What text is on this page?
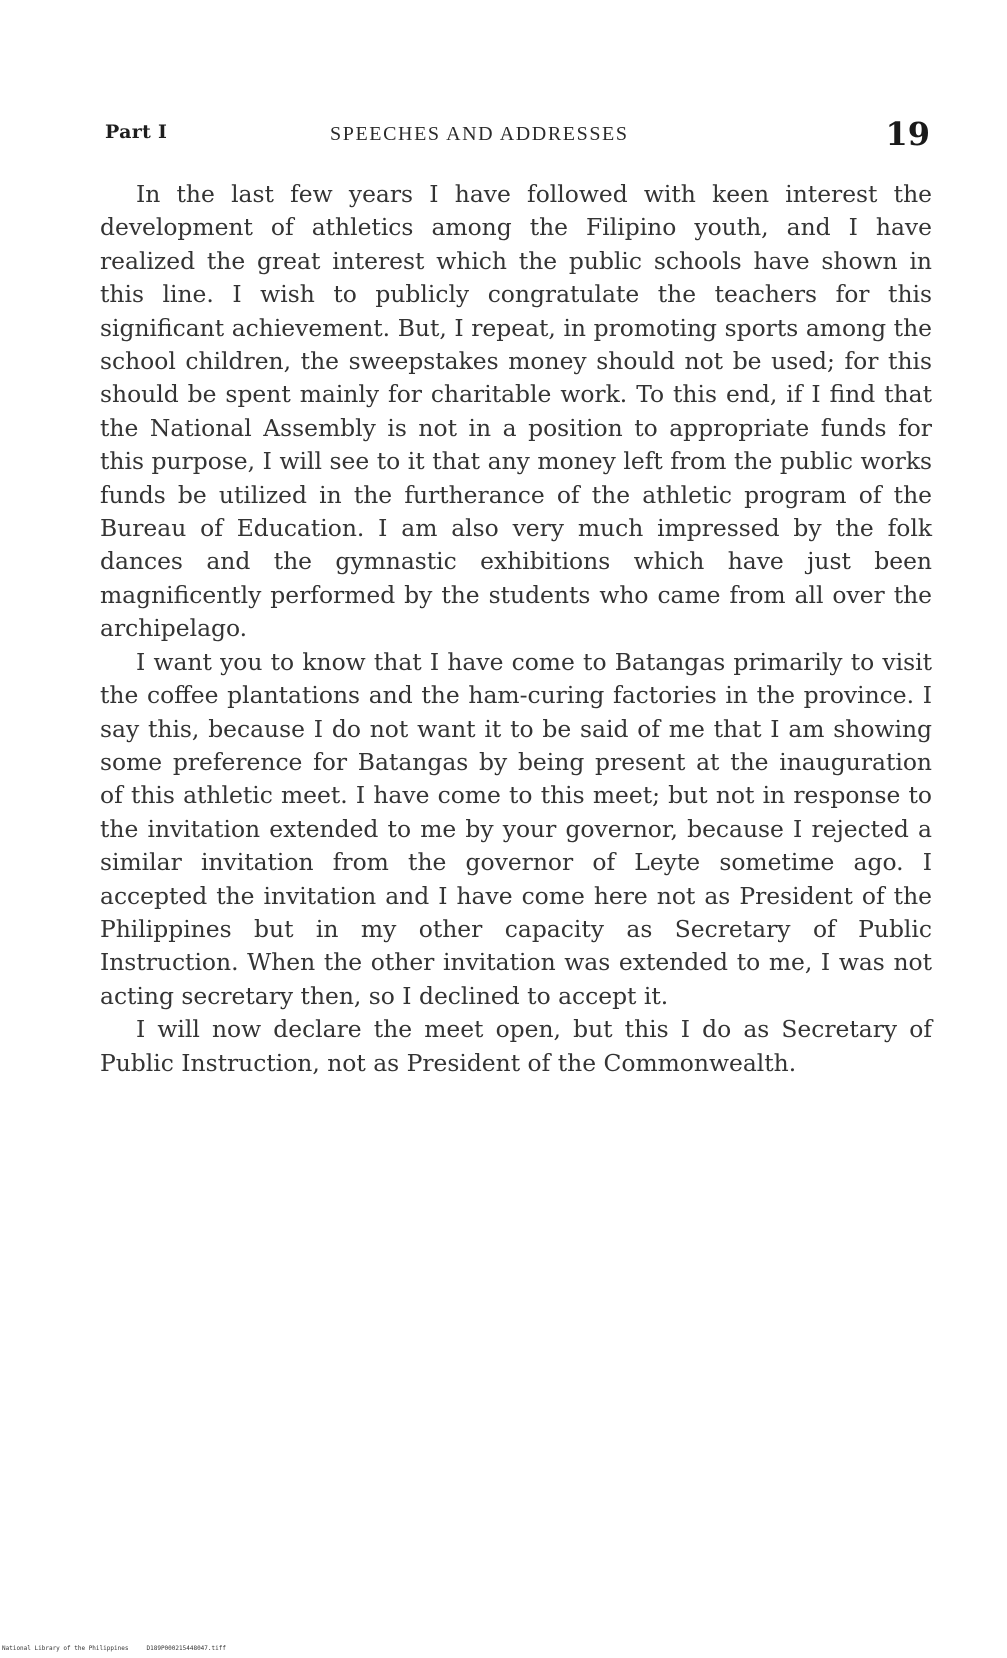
Part I	SPEECHES AND ADDRESSES	19

In the last few years I have followed with keen interest the development of athletics among the Filipino youth, and I have realized the great interest which the public schools have shown in this line. I wish to publicly congratulate the teachers for this significant achievement. But, I repeat, in promoting sports among the school children, the sweepstakes money should not be used; for this should be spent mainly for charitable work. To this end, if I find that the National Assembly is not in a position to appropriate funds for this purpose, I will see to it that any money left from the public works funds be utilized in the furtherance of the athletic program of the Bureau of Education. I am also very much impressed by the folk dances and the gymnastic exhibitions which have just been magnificently performed by the students who came from all over the archipelago.

I want you to know that I have come to Batangas primarily to visit the coffee plantations and the ham-curing factories in the province. I say this, because I do not want it to be said of me that I am showing some preference for Batangas by being present at the inauguration of this athletic meet. I have come to this meet; but not in response to the invitation extended to me by your governor, because I rejected a similar invitation from the governor of Leyte sometime ago. I accepted the invitation and I have come here not as President of the Philippines but in my other capacity as Secretary of Public Instruction. When the other invitation was extended to me, I was not acting secretary then, so I declined to accept it.

I will now declare the meet open, but this I do as Secretary of Public Instruction, not as President of the Commonwealth.

National Library of the Philippines     D189P000215448047.tiff
